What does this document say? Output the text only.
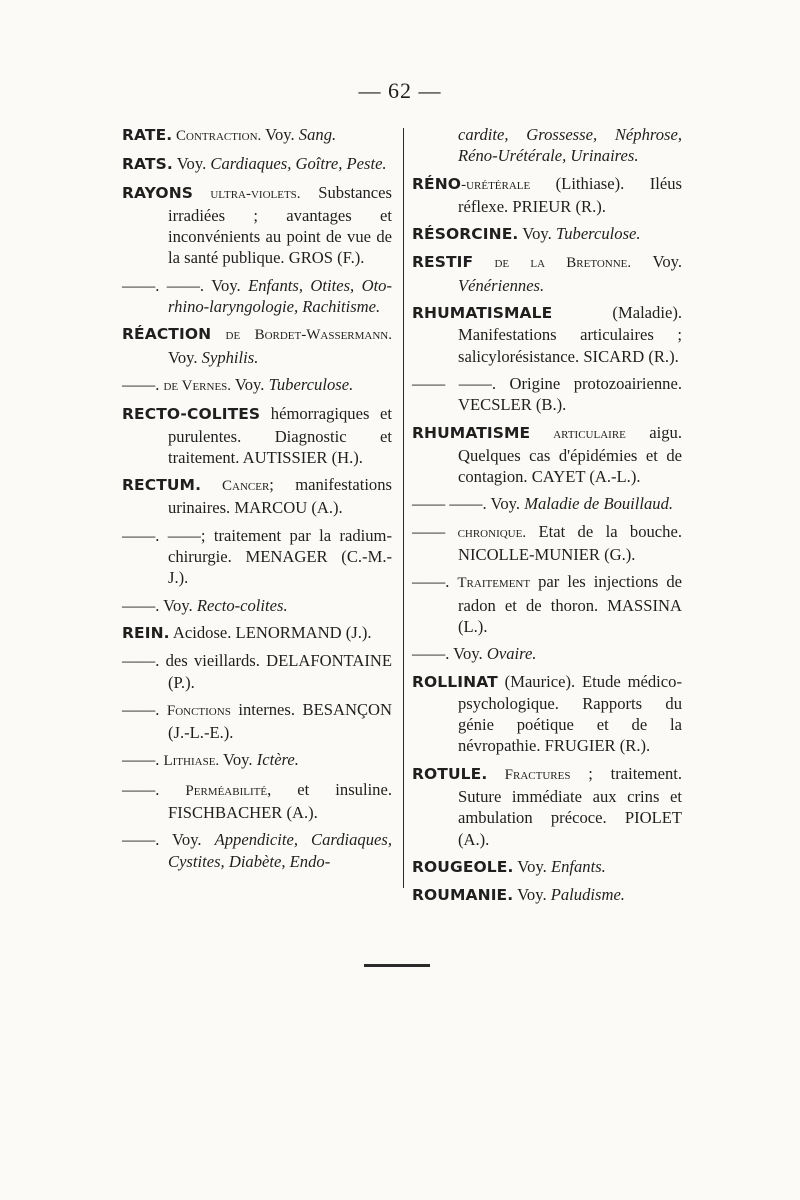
— 62 —
RATE. Contraction. Voy. Sang.
RATS. Voy. Cardiaques, Goître, Peste.
RAYONS ultra-violets. Substances irradiées ; avantages et inconvénients au point de vue de la santé publique. GROS (F.).
——. ——. Voy. Enfants, Otites, Oto-rhino-laryngologie, Rachitisme.
RÉACTION de Bordet-Wassermann. Voy. Syphilis.
——. de Vernes. Voy. Tuberculose.
RECTO-COLITES hémorragiques et purulentes. Diagnostic et traitement. AUTISSIER (H.).
RECTUM. Cancer; manifestations urinaires. MARCOU (A.).
——. ——; traitement par la radium-chirurgie. MENAGER (C.-M.-J.).
——. Voy. Recto-colites.
REIN. Acidose. LENORMAND (J.).
——. des vieillards. DELAFONTAINE (P.).
——. Fonctions internes. BESANÇON (J.-L.-E.).
——. Lithiase. Voy. Ictère.
——. Perméabilité, et insuline. FISCHBACHER (A.).
——. Voy. Appendicite, Cardiaques, Cystites, Diabète, Endo-
cardite, Grossesse, Néphrose, Réno-Urétérale, Urinaires.
RÉNO-urétérale (Lithiase). Iléus réflexe. PRIEUR (R.).
RÉSORCINE. Voy. Tuberculose.
RESTIF de la Bretonne. Voy. Vénériennes.
RHUMATISMALE (Maladie). Manifestations articulaires ; salicylorésistance. SICARD (R.).
—— ——. Origine protozoairienne. VECSLER (B.).
RHUMATISME articulaire aigu. Quelques cas d'épidémies et de contagion. CAYET (A.-L.).
—— ——. Voy. Maladie de Bouillaud.
—— chronique. Etat de la bouche. NICOLLE-MUNIER (G.).
——. Traitement par les injections de radon et de thoron. MASSINA (L.).
——. Voy. Ovaire.
ROLLINAT (Maurice). Etude médico-psychologique. Rapports du génie poétique et de la névropathie. FRUGIER (R.).
ROTULE. Fractures ; traitement. Suture immédiate aux crins et ambulation précoce. PIOLET (A.).
ROUGEOLE. Voy. Enfants.
ROUMANIE. Voy. Paludisme.
